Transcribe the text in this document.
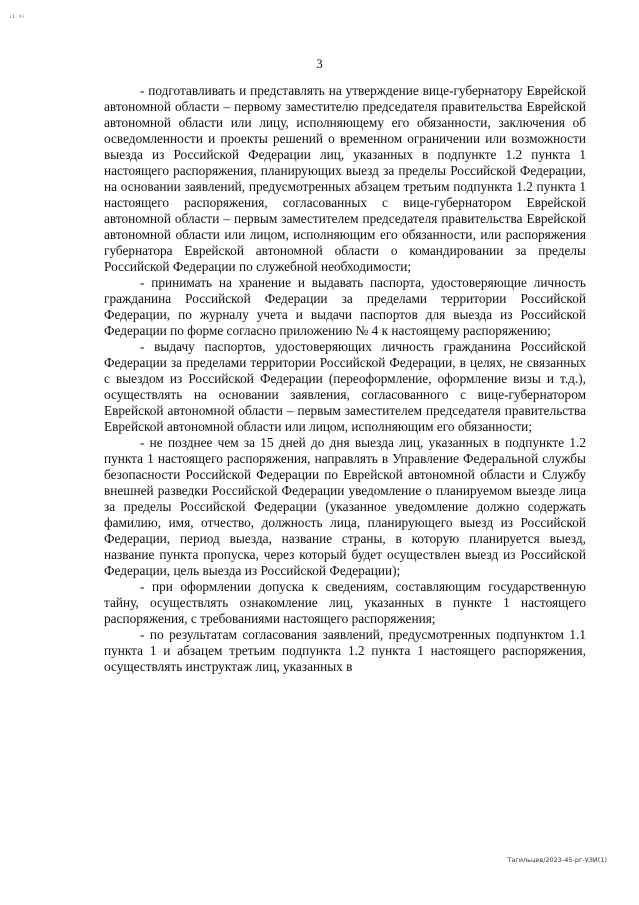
ᵢ₁ ⸗ᵢ
3

- подготавливать и представлять на утверждение вице-губернатору Еврейской автономной области – первому заместителю председателя правительства Еврейской автономной области или лицу, исполняющему его обязанности, заключения об осведомленности и проекты решений о временном ограничении или возможности выезда из Российской Федерации лиц, указанных в подпункте 1.2 пункта 1 настоящего распоряжения, планирующих выезд за пределы Российской Федерации, на основании заявлений, предусмотренных абзацем третьим подпункта 1.2 пункта 1 настоящего распоряжения, согласованных с вице-губернатором Еврейской автономной области – первым заместителем председателя правительства Еврейской автономной области или лицом, исполняющим его обязанности, или распоряжения губернатора Еврейской автономной области о командировании за пределы Российской Федерации по служебной необходимости;

- принимать на хранение и выдавать паспорта, удостоверяющие личность гражданина Российской Федерации за пределами территории Российской Федерации, по журналу учета и выдачи паспортов для выезда из Российской Федерации по форме согласно приложению № 4 к настоящему распоряжению;

- выдачу паспортов, удостоверяющих личность гражданина Российской Федерации за пределами территории Российской Федерации, в целях, не связанных с выездом из Российской Федерации (переоформление, оформление визы и т.д.), осуществлять на основании заявления, согласованного с вице-губернатором Еврейской автономной области – первым заместителем председателя правительства Еврейской автономной области или лицом, исполняющим его обязанности;

- не позднее чем за 15 дней до дня выезда лиц, указанных в подпункте 1.2 пункта 1 настоящего распоряжения, направлять в Управление Федеральной службы безопасности Российской Федерации по Еврейской автономной области и Службу внешней разведки Российской Федерации уведомление о планируемом выезде лица за пределы Российской Федерации (указанное уведомление должно содержать фамилию, имя, отчество, должность лица, планирующего выезд из Российской Федерации, период выезда, название страны, в которую планируется выезд, название пункта пропуска, через который будет осуществлен выезд из Российской Федерации, цель выезда из Российской Федерации);

- при оформлении допуска к сведениям, составляющим государственную тайну, осуществлять ознакомление лиц, указанных в пункте 1 настоящего распоряжения, с требованиями настоящего распоряжения;

- по результатам согласования заявлений, предусмотренных подпунктом 1.1 пункта 1 и абзацем третьим подпункта 1.2 пункта 1 настоящего распоряжения, осуществлять инструктаж лиц, указанных в

Тагильцев/2023-45-рг-УЗИ(1)
